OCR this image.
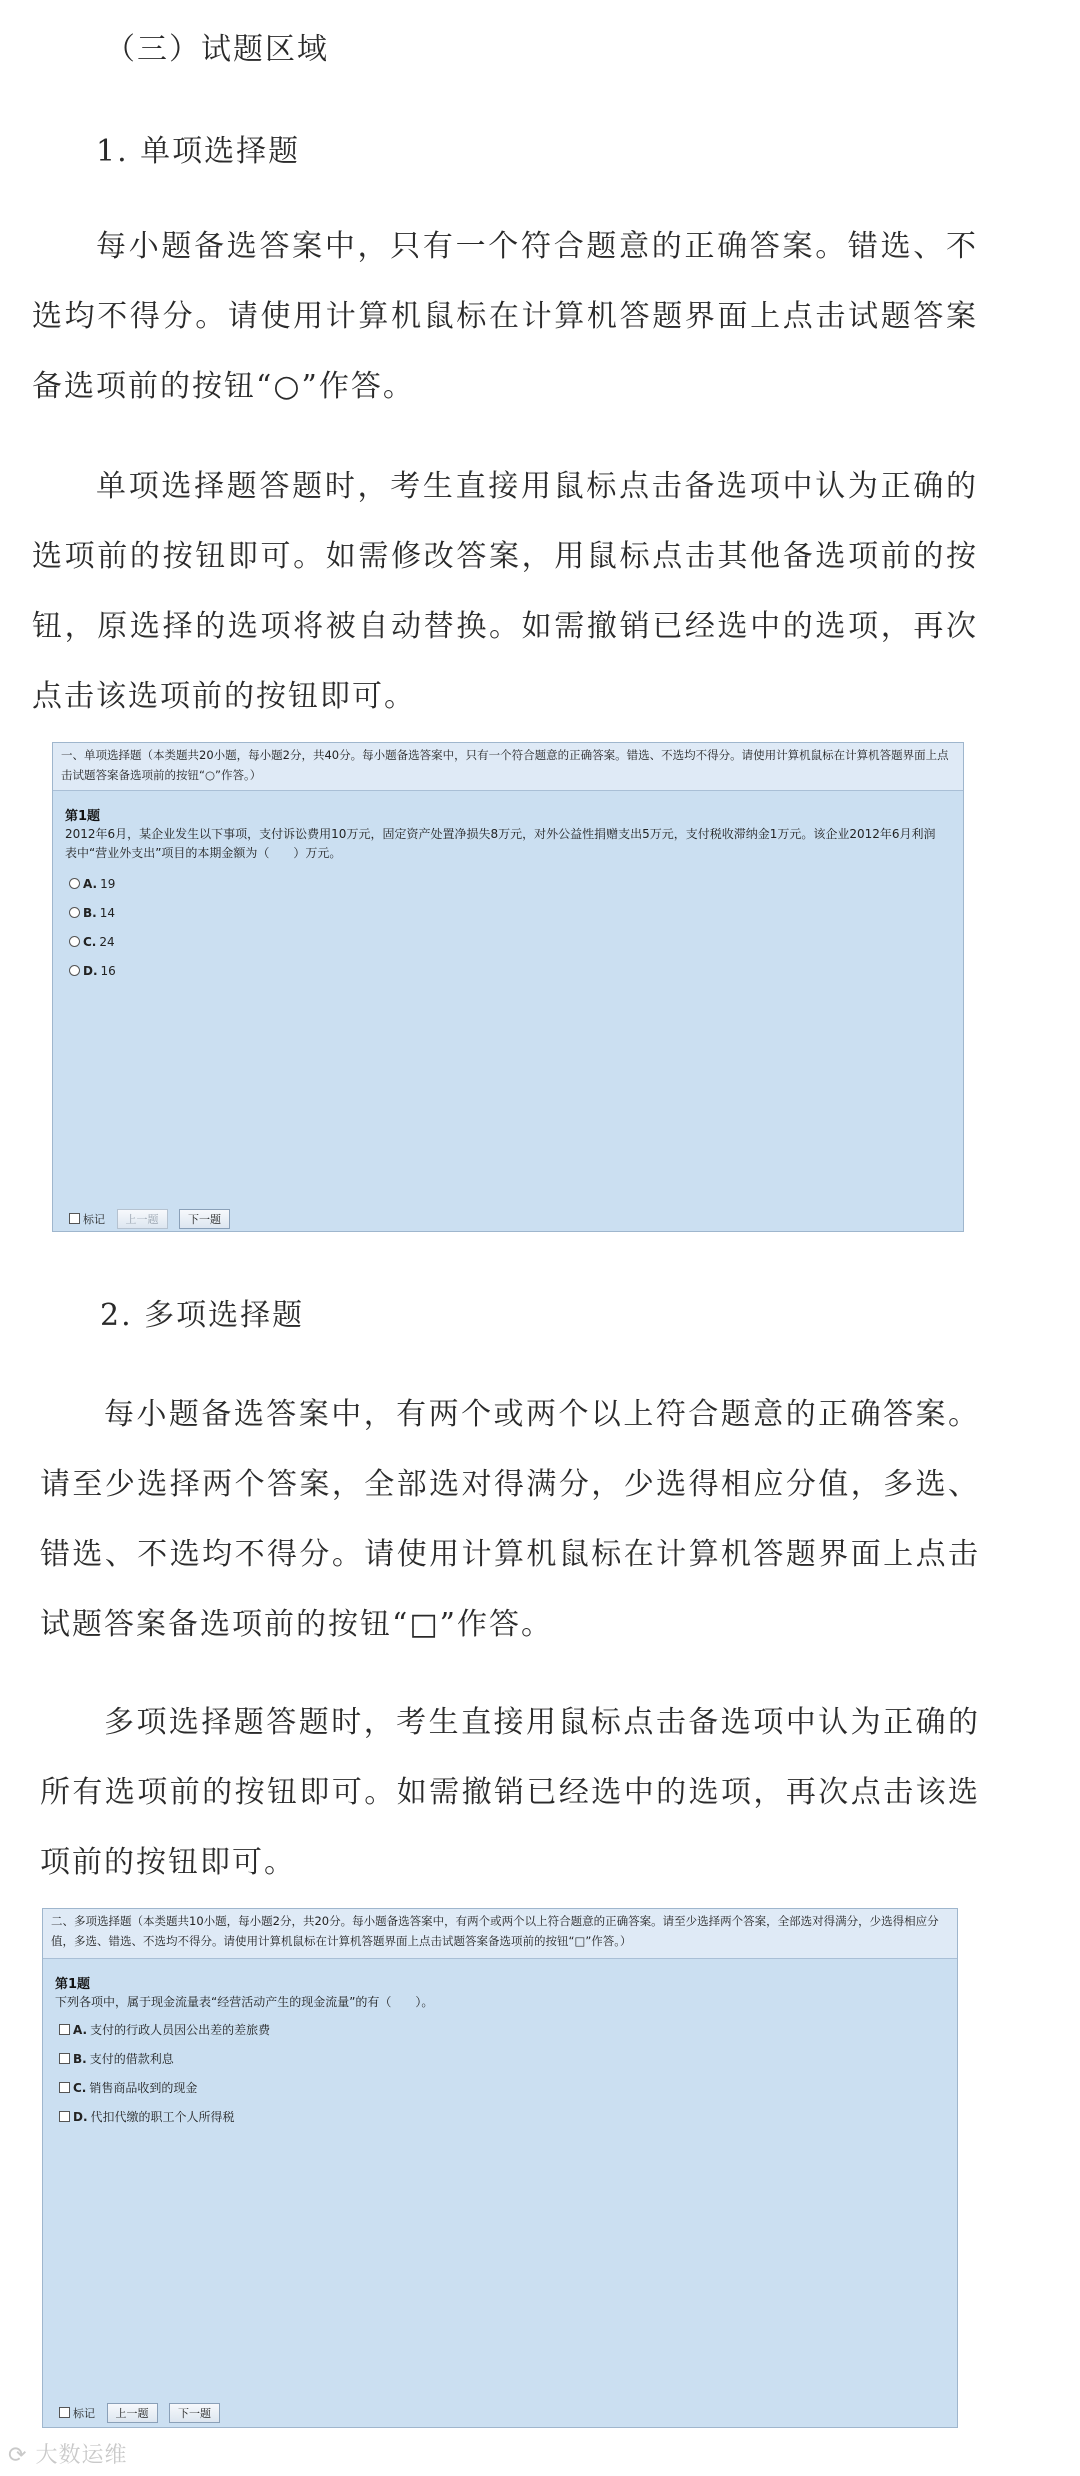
（三）试题区域
1. 单项选择题
每小题备选答案中，只有一个符合题意的正确答案。错选、不选均不得分。请使用计算机鼠标在计算机答题界面上点击试题答案备选项前的按钮“○”作答。
单项选择题答题时，考生直接用鼠标点击备选项中认为正确的选项前的按钮即可。如需修改答案，用鼠标点击其他备选项前的按钮，原选择的选项将被自动替换。如需撤销已经选中的选项，再次点击该选项前的按钮即可。
一、单项选择题（本类题共20小题，每小题2分，共40分。每小题备选答案中，只有一个符合题意的正确答案。错选、不选均不得分。请使用计算机鼠标在计算机答题界面上点击试题答案备选项前的按钮“○”作答。）
第1题
2012年6月，某企业发生以下事项，支付诉讼费用10万元，固定资产处置净损失8万元，对外公益性捐赠支出5万元，支付税收滞纳金1万元。该企业2012年6月利润表中“营业外支出”项目的本期金额为（　　）万元。
A. 19
B. 14
C. 24
D. 16
标记 上一题	下一题
2. 多项选择题
每小题备选答案中，有两个或两个以上符合题意的正确答案。请至少选择两个答案，全部选对得满分，少选得相应分值，多选、错选、不选均不得分。请使用计算机鼠标在计算机答题界面上点击试题答案备选项前的按钮“□”作答。
多项选择题答题时，考生直接用鼠标点击备选项中认为正确的所有选项前的按钮即可。如需撤销已经选中的选项，再次点击该选项前的按钮即可。
二、多项选择题（本类题共10小题，每小题2分，共20分。每小题备选答案中，有两个或两个以上符合题意的正确答案。请至少选择两个答案，全部选对得满分，少选得相应分值，多选、错选、不选均不得分。请使用计算机鼠标在计算机答题界面上点击试题答案备选项前的按钮“□”作答。）
第1题
下列各项中，属于现金流量表“经营活动产生的现金流量”的有（　　）。
A. 支付的行政人员因公出差的差旅费
B. 支付的借款利息
C. 销售商品收到的现金
D. 代扣代缴的职工个人所得税
标记 上一题	下一题
⟳ 大数运维
